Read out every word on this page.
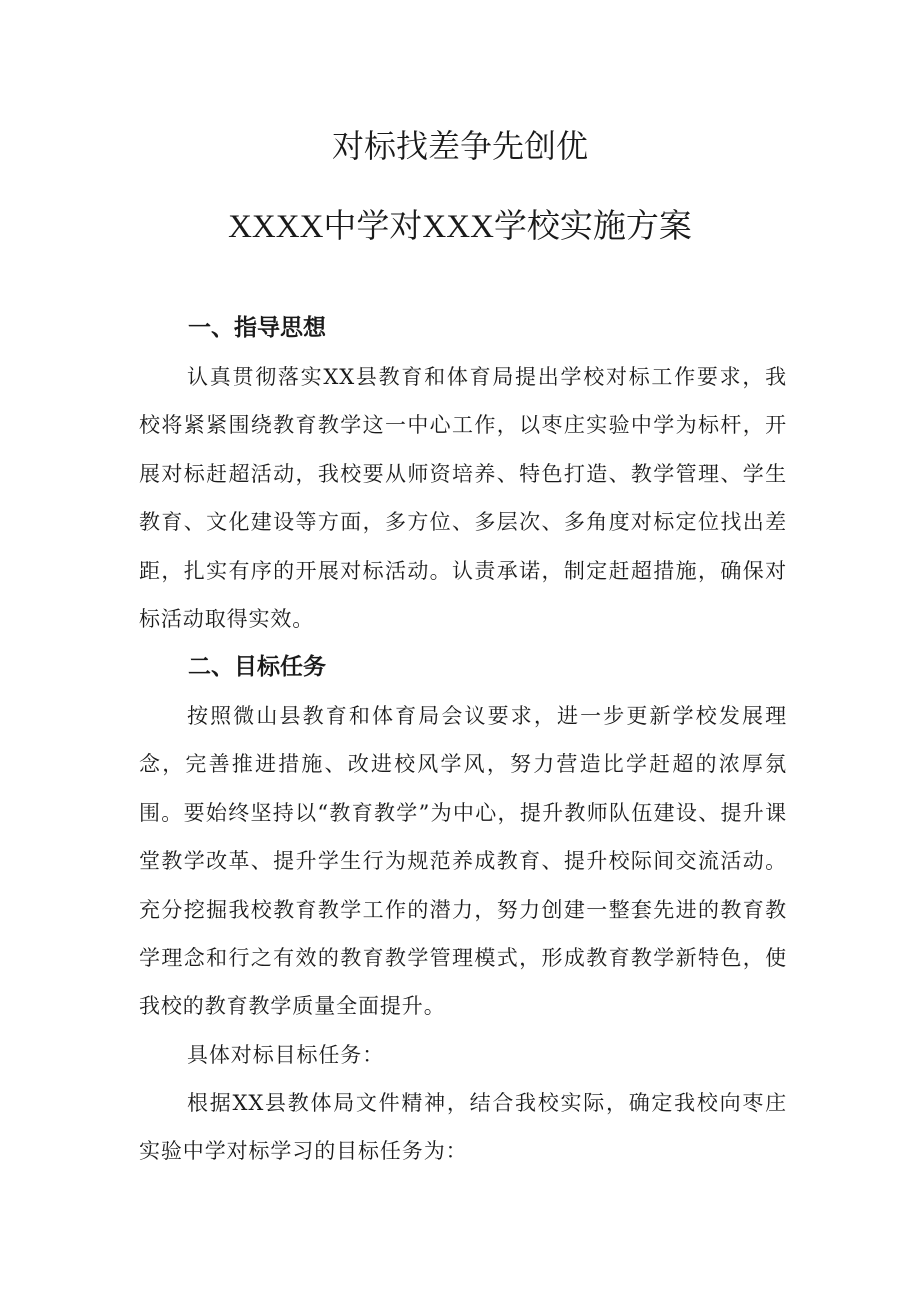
对标找差争先创优
XXXX中学对XXX学校实施方案
一、指导思想
认真贯彻落实XX县教育和体育局提出学校对标工作要求，我校将紧紧围绕教育教学这一中心工作，以枣庄实验中学为标杆，开展对标赶超活动，我校要从师资培养、特色打造、教学管理、学生教育、文化建设等方面，多方位、多层次、多角度对标定位找出差距，扎实有序的开展对标活动。认责承诺，制定赶超措施，确保对标活动取得实效。
二、目标任务
按照微山县教育和体育局会议要求，进一步更新学校发展理念，完善推进措施、改进校风学风，努力营造比学赶超的浓厚氛围。要始终坚持以“教育教学”为中心，提升教师队伍建设、提升课堂教学改革、提升学生行为规范养成教育、提升校际间交流活动。充分挖掘我校教育教学工作的潜力，努力创建一整套先进的教育教学理念和行之有效的教育教学管理模式，形成教育教学新特色，使我校的教育教学质量全面提升。
具体对标目标任务：
根据XX县教体局文件精神，结合我校实际，确定我校向枣庄实验中学对标学习的目标任务为：
